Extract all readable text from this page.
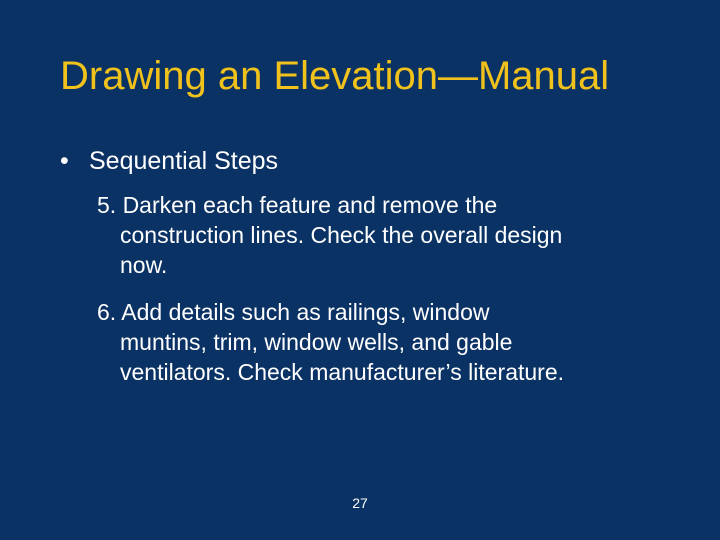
Drawing an Elevation—Manual
• Sequential Steps
5. Darken each feature and remove the
construction lines. Check the overall design
now.
6. Add details such as railings, window
muntins, trim, window wells, and gable
ventilators. Check manufacturer’s literature.
27
